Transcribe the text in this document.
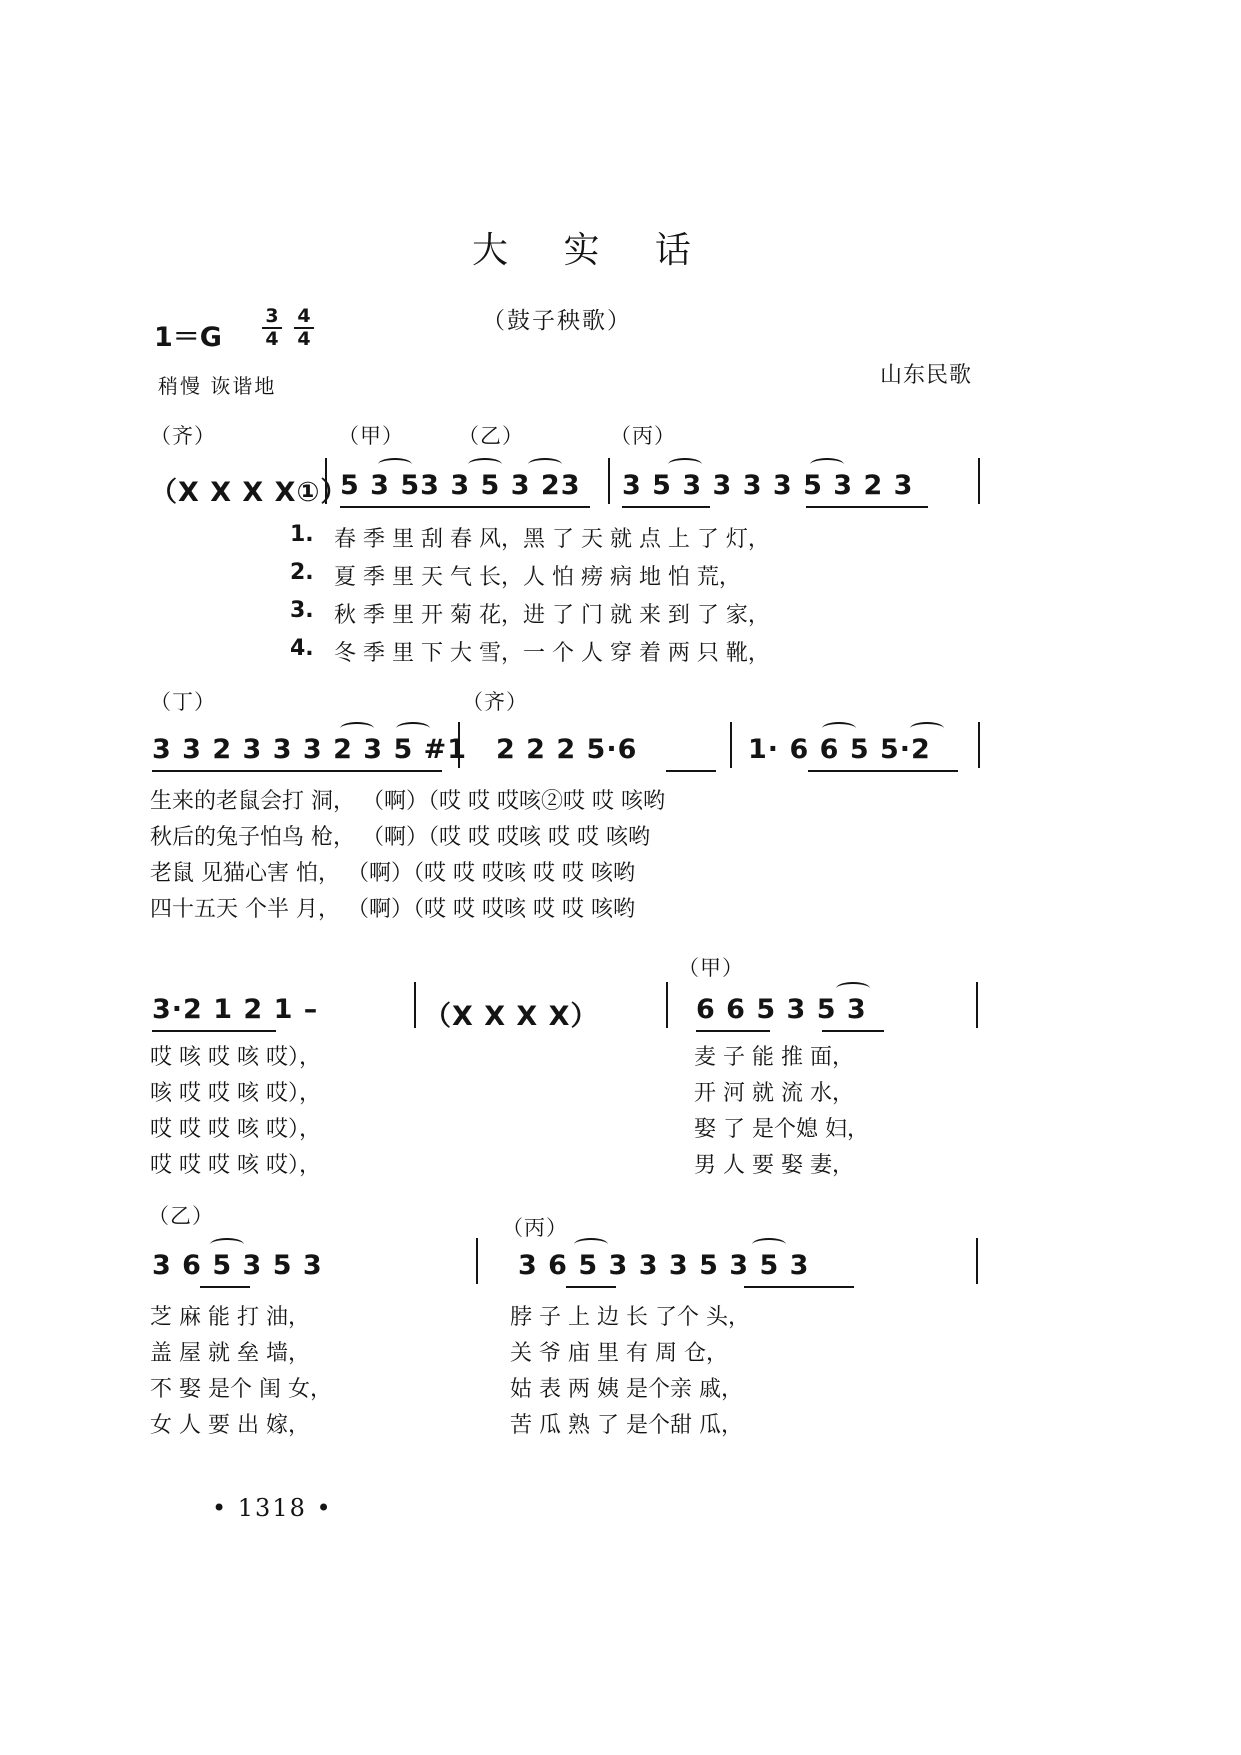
大 实 话
（鼓子秧歌）
1＝G
3
4
4
4
稍慢 诙谐地	山东民歌
（齐）	（甲）	（乙）	（丙）
（X X X X①）
5 3 53 3 5 3 23 3 5 3 3 3 3 5 3 2 3
1. 春 季 里 刮 春 风，黑 了 天 就 点 上 了 灯，
2. 夏 季 里 天 气 长，人 怕 痨 病 地 怕 荒，
3. 秋 季 里 开 菊 花，进 了 门 就 来 到 了 家，
4. 冬 季 里 下 大 雪，一 个 人 穿 着 两 只 靴，
（丁）	（齐）
3 3 2 3 3 3 2 3 5 #1 2 2 2 5·6	1· 6 6 5 5·2
生来的老鼠会打 洞， （啊）（哎 哎 哎咳②哎 哎 咳哟
秋后的兔子怕鸟 枪， （啊）（哎 哎 哎咳 哎 哎 咳哟
老鼠 见猫心害 怕， （啊）（哎 哎 哎咳 哎 哎 咳哟
四十五天 个半 月， （啊）（哎 哎 哎咳 哎 哎 咳哟
（甲）
3·2 1 2 1 –	（X X X X）	6 6 5 3 5 3
哎 咳 哎 咳 哎），
咳 哎 哎 咳 哎），
哎 哎 哎 咳 哎），
哎 哎 哎 咳 哎），
麦 子 能 推 面，
开 河 就 流 水，
娶 了 是个媳 妇，
男 人 要 娶 妻，
（乙）	（丙）
3 6 5 3 5 3	3 6 5 3 3 3 5 3 5 3
芝 麻 能 打 油，
盖 屋 就 垒 墙，
不 娶 是个 闺 女，
女 人 要 出 嫁，
脖 子 上 边 长 了个 头，
关 爷 庙 里 有 周 仓，
姑 表 两 姨 是个亲 戚，
苦 瓜 熟 了 是个甜 瓜，
• 1318 •
